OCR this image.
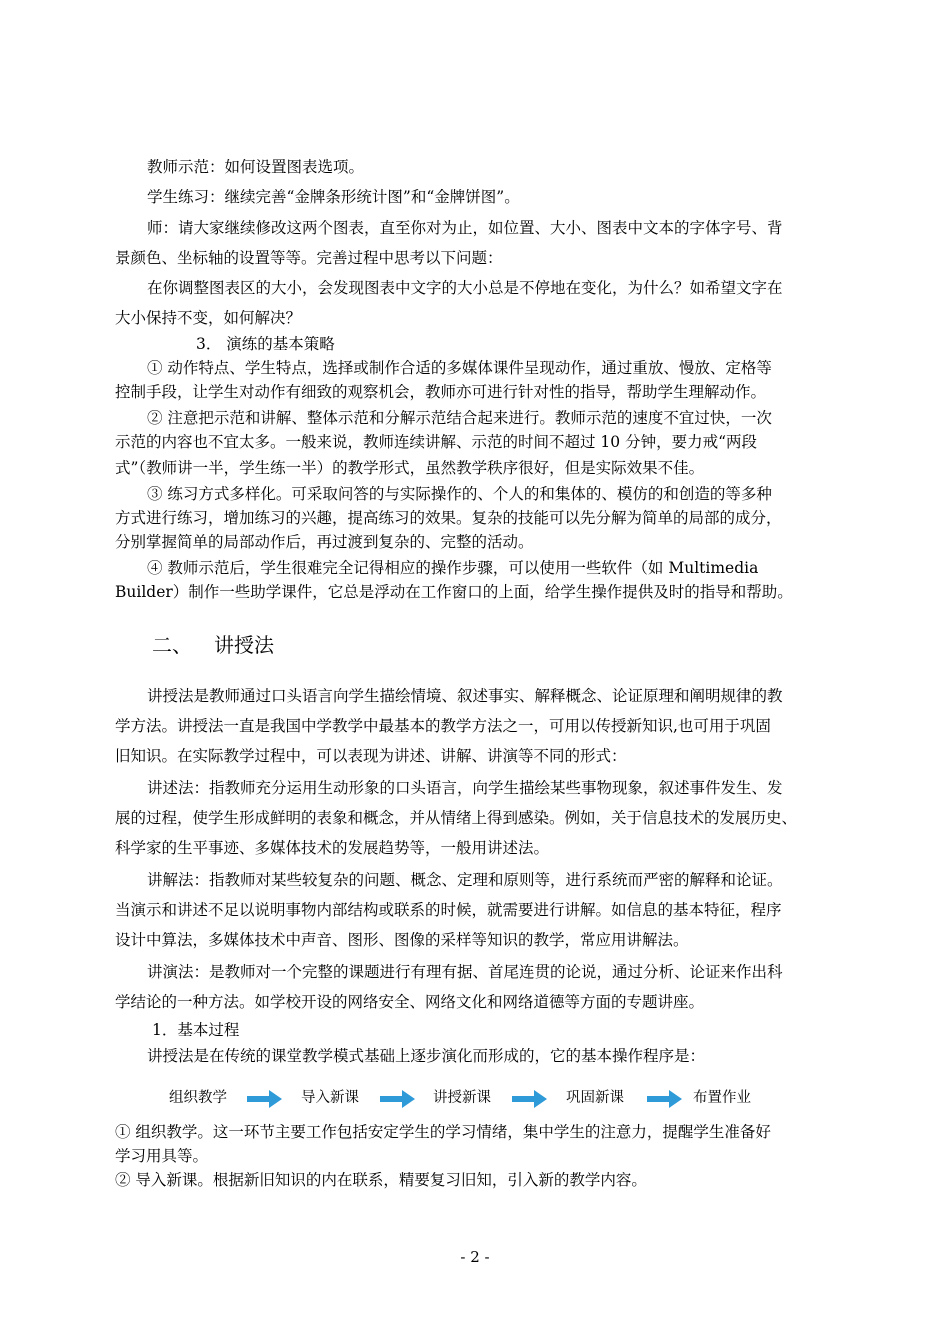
教师示范：如何设置图表选项。
学生练习：继续完善“金牌条形统计图”和“金牌饼图”。
师：请大家继续修改这两个图表，直至你对为止，如位置、大小、图表中文本的字体字号、背
景颜色、坐标轴的设置等等。完善过程中思考以下问题：
在你调整图表区的大小，会发现图表中文字的大小总是不停地在变化，为什么？如希望文字在
大小保持不变，如何解决？
3． 演练的基本策略
① 动作特点、学生特点，选择或制作合适的多媒体课件呈现动作，通过重放、慢放、定格等
控制手段，让学生对动作有细致的观察机会，教师亦可进行针对性的指导，帮助学生理解动作。
② 注意把示范和讲解、整体示范和分解示范结合起来进行。教师示范的速度不宜过快，一次
示范的内容也不宜太多。一般来说，教师连续讲解、示范的时间不超过 10 分钟，要力戒“两段
式”（教师讲一半，学生练一半）的教学形式，虽然教学秩序很好，但是实际效果不佳。
③ 练习方式多样化。可采取问答的与实际操作的、个人的和集体的、模仿的和创造的等多种
方式进行练习，增加练习的兴趣，提高练习的效果。复杂的技能可以先分解为简单的局部的成分，
分别掌握简单的局部动作后，再过渡到复杂的、完整的活动。
④ 教师示范后，学生很难完全记得相应的操作步骤，可以使用一些软件（如 Multimedia
Builder）制作一些助学课件，它总是浮动在工作窗口的上面，给学生操作提供及时的指导和帮助。
二、 讲授法
讲授法是教师通过口头语言向学生描绘情境、叙述事实、解释概念、论证原理和阐明规律的教
学方法。讲授法一直是我国中学教学中最基本的教学方法之一，可用以传授新知识,也可用于巩固
旧知识。在实际教学过程中，可以表现为讲述、讲解、讲演等不同的形式：
讲述法：指教师充分运用生动形象的口头语言，向学生描绘某些事物现象，叙述事件发生、发
展的过程，使学生形成鲜明的表象和概念，并从情绪上得到感染。例如，关于信息技术的发展历史、
科学家的生平事迹、多媒体技术的发展趋势等，一般用讲述法。
讲解法：指教师对某些较复杂的问题、概念、定理和原则等，进行系统而严密的解释和论证。
当演示和讲述不足以说明事物内部结构或联系的时候，就需要进行讲解。如信息的基本特征，程序
设计中算法，多媒体技术中声音、图形、图像的采样等知识的教学，常应用讲解法。
讲演法：是教师对一个完整的课题进行有理有据、首尾连贯的论说，通过分析、论证来作出科
学结论的一种方法。如学校开设的网络安全、网络文化和网络道德等方面的专题讲座。
1．基本过程
讲授法是在传统的课堂教学模式基础上逐步演化而形成的，它的基本操作程序是：
组织教学	导入新课	讲授新课	巩固新课	布置作业
① 组织教学。这一环节主要工作包括安定学生的学习情绪，集中学生的注意力，提醒学生准备好
学习用具等。
② 导入新课。根据新旧知识的内在联系，精要复习旧知，引入新的教学内容。
- 2 -
